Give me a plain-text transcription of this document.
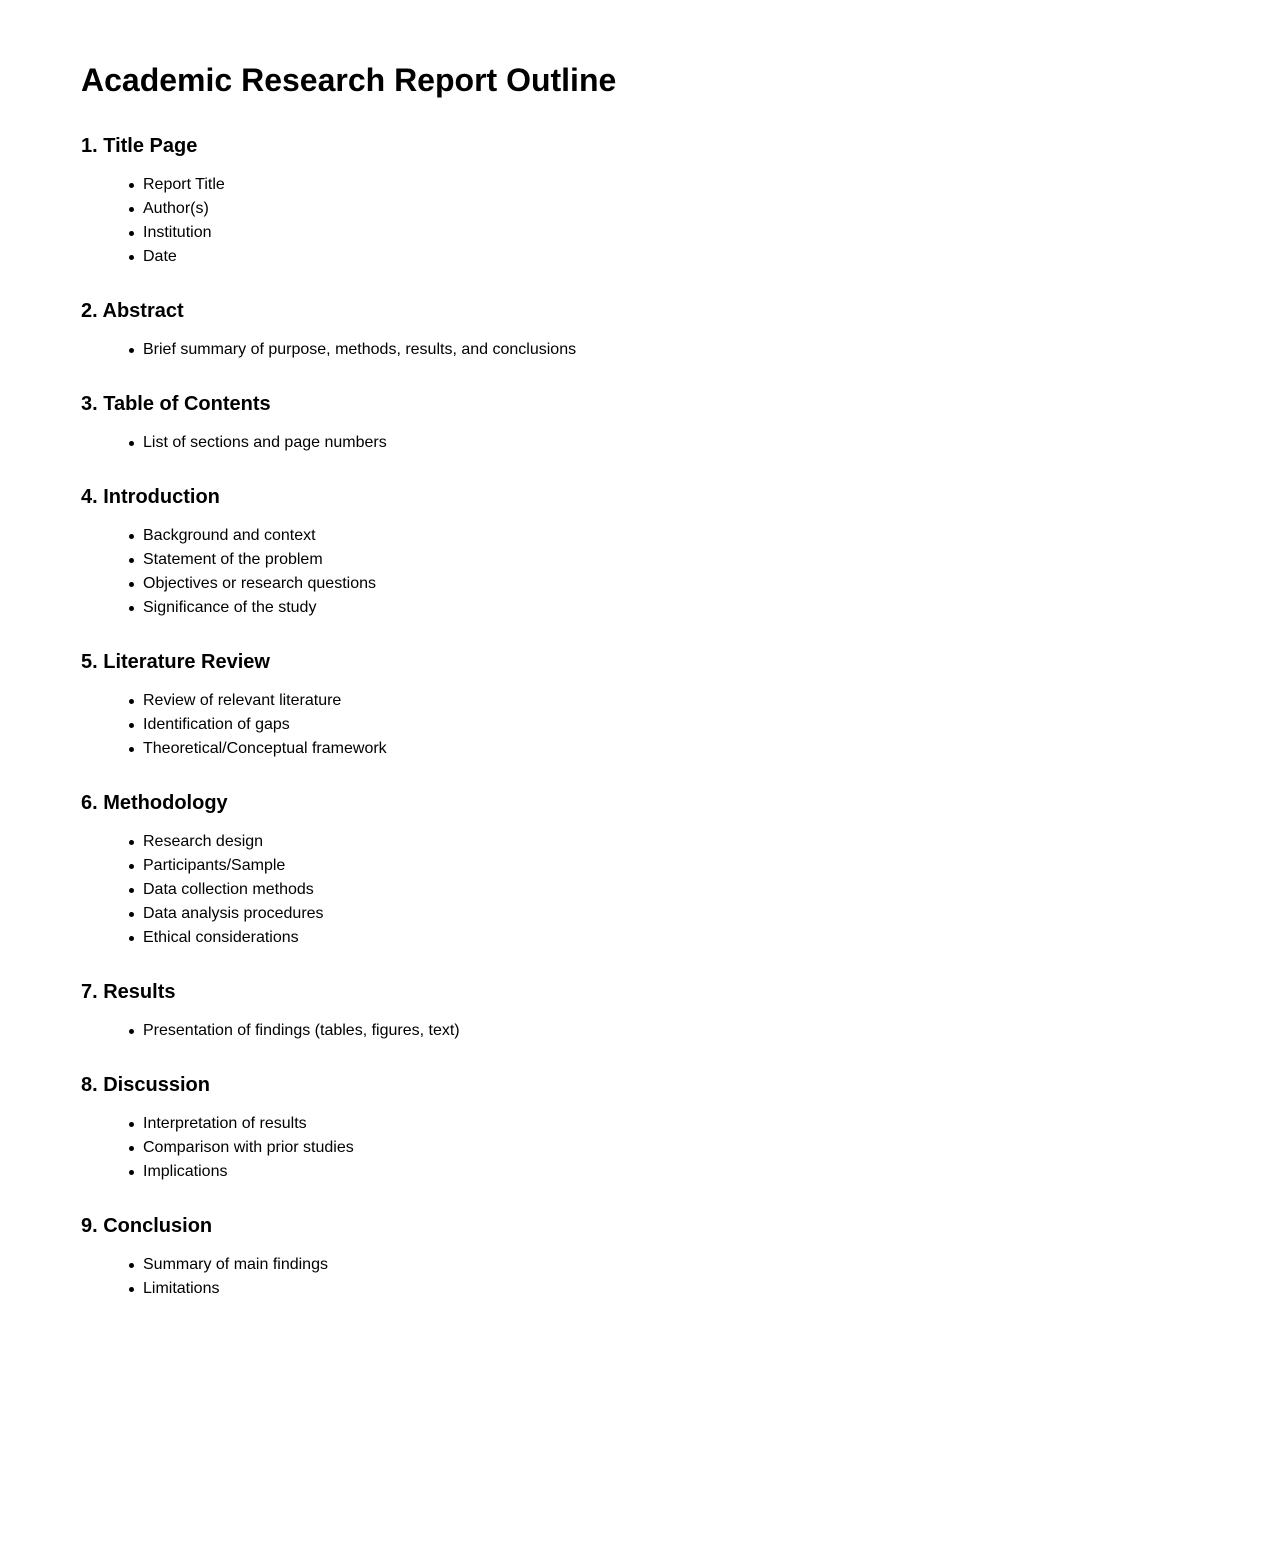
Academic Research Report Outline
1. Title Page
Report Title
Author(s)
Institution
Date
2. Abstract
Brief summary of purpose, methods, results, and conclusions
3. Table of Contents
List of sections and page numbers
4. Introduction
Background and context
Statement of the problem
Objectives or research questions
Significance of the study
5. Literature Review
Review of relevant literature
Identification of gaps
Theoretical/Conceptual framework
6. Methodology
Research design
Participants/Sample
Data collection methods
Data analysis procedures
Ethical considerations
7. Results
Presentation of findings (tables, figures, text)
8. Discussion
Interpretation of results
Comparison with prior studies
Implications
9. Conclusion
Summary of main findings
Limitations
